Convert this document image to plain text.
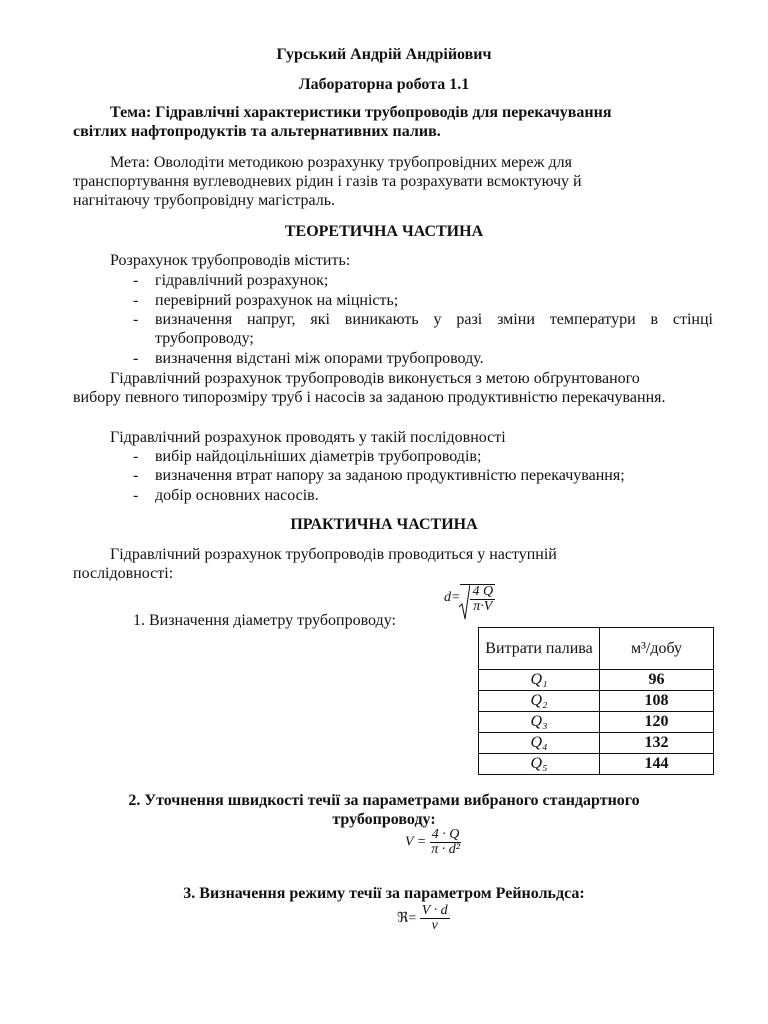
Гурський Андрій Андрійович
Лабораторна робота 1.1
Тема: Гідравлічні характеристики трубопроводів для перекачування
світлих нафтопродуктів та альтернативних палив.
Мета: Оволодіти методикою розрахунку трубопровідних мереж для
транспортування вуглеводневих рідин і газів та розрахувати всмоктуючу й
нагнітаючу трубопровідну магістраль.
ТЕОРЕТИЧНА ЧАСТИНА
Розрахунок трубопроводів містить:
- гідравлічний розрахунок;
- перевірний розрахунок на міцність;
- визначення напруг, які виникають у разі зміни температури в стінці трубопроводу;
- визначення відстані між опорами трубопроводу.
Гідравлічний розрахунок трубопроводів виконується з метою обґрунтованого
вибору певного типорозміру труб і насосів за заданою продуктивністю перекачування.
Гідравлічний розрахунок проводять у такій послідовності
- вибір найдоцільніших діаметрів трубопроводів;
- визначення втрат напору за заданою продуктивністю перекачування;
- добір основних насосів.
ПРАКТИЧНА ЧАСТИНА
Гідравлічний розрахунок трубопроводів проводиться у наступній
послідовності:
1. Визначення діаметру трубопроводу:
$d= \frac{4 Q}{\pi\cdot V}$
Витрати палива	м³/добу
Q₁	96
Q₂	108
Q₃	120
Q₄	132
Q₅	144
2. Уточнення швидкості течії за параметрами вибраного стандартного
трубопроводу:
$V = \frac{4 \cdot Q}{\text{π · d²}}$
3. Визначення режиму течії за параметром Рейнольдса:
ℜ= $\frac{V \cdot d}{\nu}$
